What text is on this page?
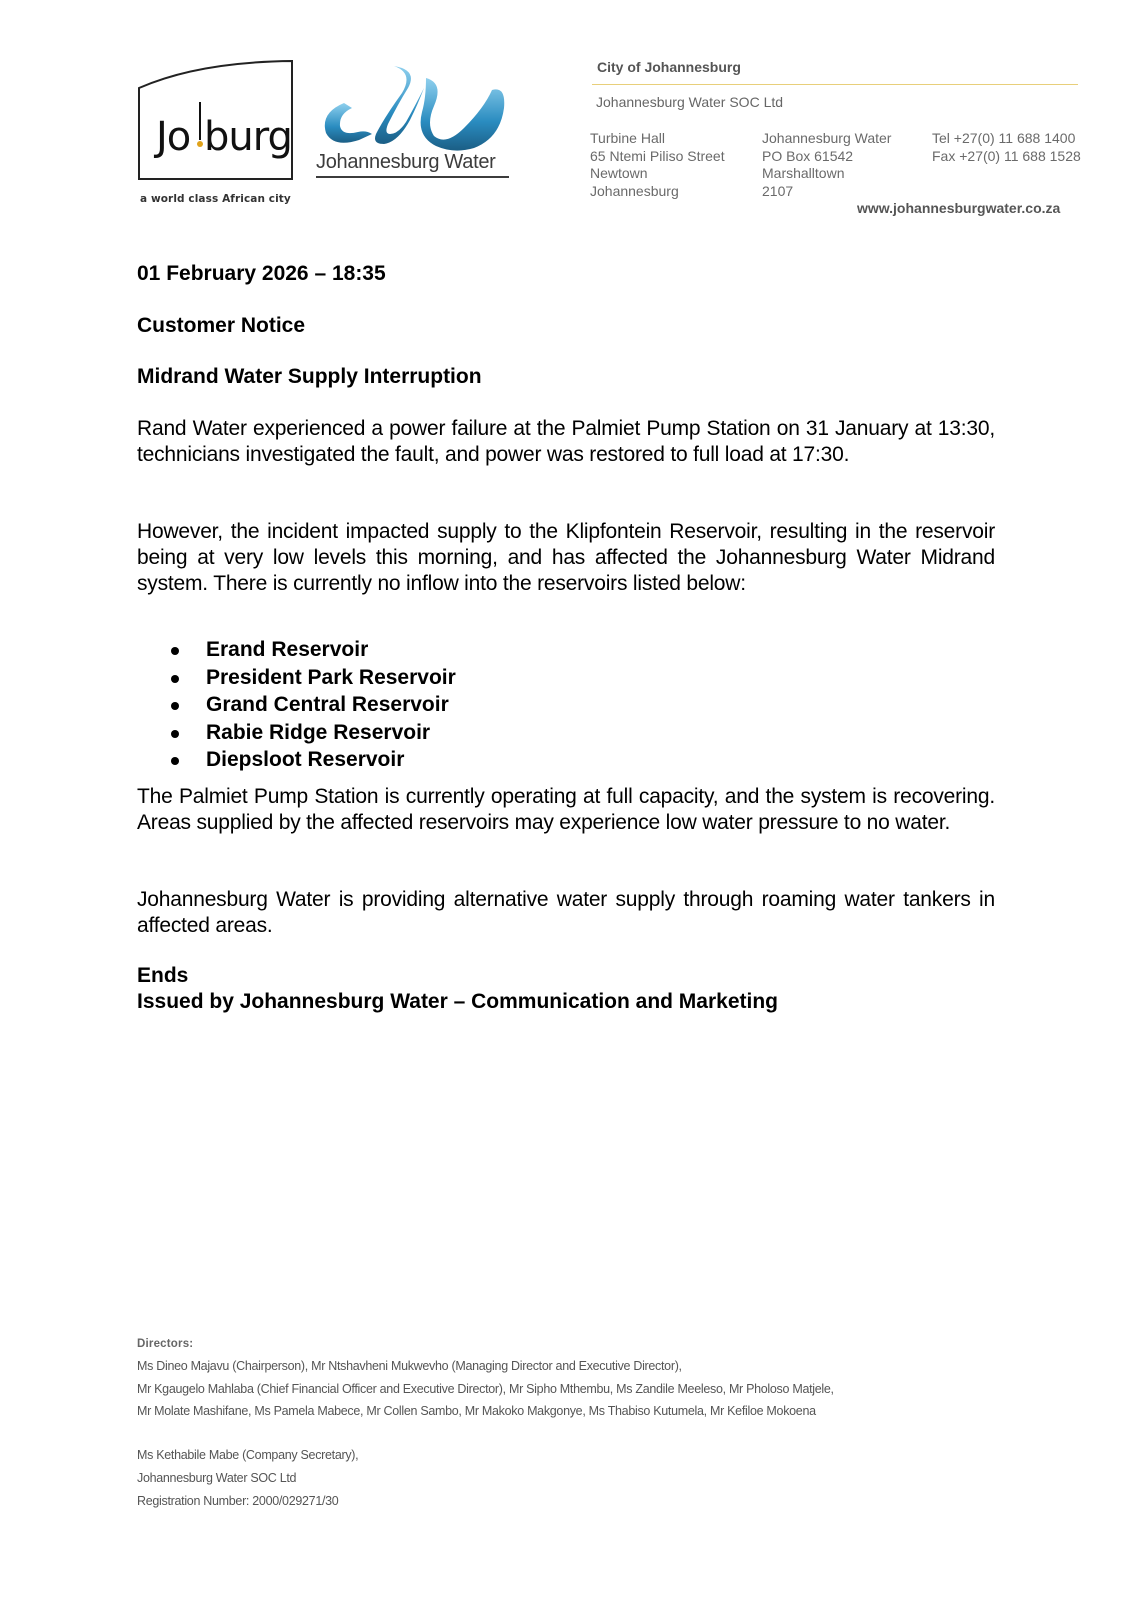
Jo burg
a world class African city
Johannesburg Water
City of Johannesburg
Johannesburg Water SOC Ltd
Turbine Hall
65 Ntemi Piliso Street
Newtown
Johannesburg
Johannesburg Water
PO Box 61542
Marshalltown
2107
Tel +27(0) 11 688 1400
Fax +27(0) 11 688 1528
www.johannesburgwater.co.za
01 February 2026 – 18:35
Customer Notice
Midrand Water Supply Interruption

Rand Water experienced a power failure at the Palmiet Pump Station on 31 January at 13:30, technicians investigated the fault, and power was restored to full load at 17:30.

However, the incident impacted supply to the Klipfontein Reservoir, resulting in the reservoir being at very low levels this morning, and has affected the Johannesburg Water Midrand system. There is currently no inflow into the reservoirs listed below:

Erand Reservoir
President Park Reservoir
Grand Central Reservoir
Rabie Ridge Reservoir
Diepsloot Reservoir

The Palmiet Pump Station is currently operating at full capacity, and the system is recovering. Areas supplied by the affected reservoirs may experience low water pressure to no water.

Johannesburg Water is providing alternative water supply through roaming water tankers in affected areas.

Ends
Issued by Johannesburg Water – Communication and Marketing
Directors:
Ms Dineo Majavu (Chairperson), Mr Ntshavheni Mukwevho (Managing Director and Executive Director),
Mr Kgaugelo Mahlaba (Chief Financial Officer and Executive Director), Mr Sipho Mthembu, Ms Zandile Meeleso, Mr Pholoso Matjele,
Mr Molate Mashifane, Ms Pamela Mabece, Mr Collen Sambo, Mr Makoko Makgonye, Ms Thabiso Kutumela, Mr Kefiloe Mokoena
Ms Kethabile Mabe (Company Secretary),
Johannesburg Water SOC Ltd
Registration Number: 2000/029271/30
